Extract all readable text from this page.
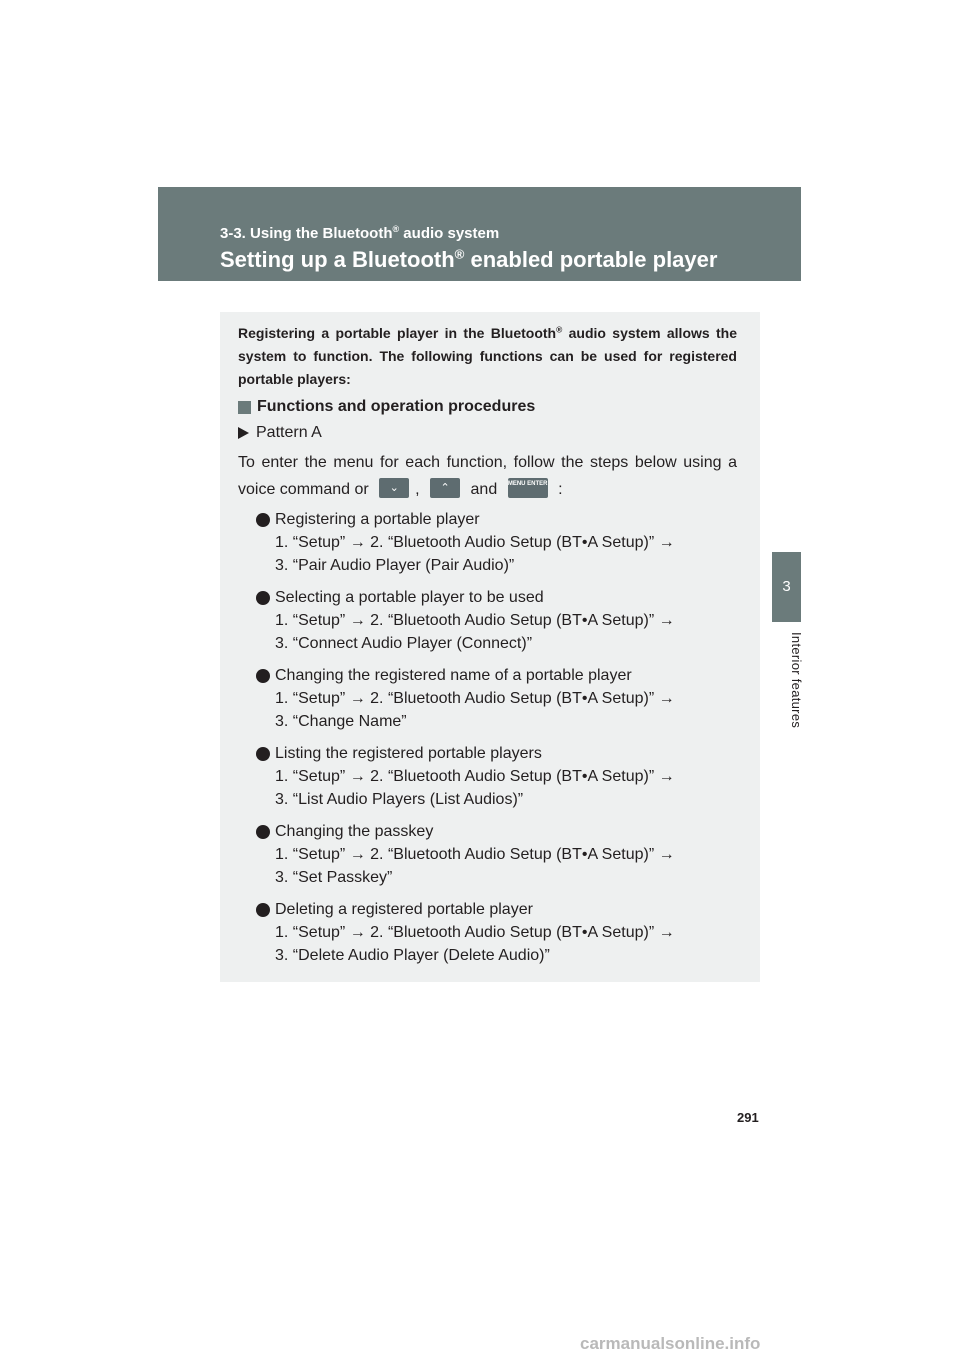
3-3. Using the Bluetooth® audio system
Setting up a Bluetooth® enabled portable player
3
Interior features

Registering a portable player in the Bluetooth® audio system allows the system to function. The following functions can be used for registered portable players:

Functions and operation procedures
Pattern A

To enter the menu for each function, follow the steps below using a voice command or ⌄ , ⌃ and MENU ENTER :

Registering a portable player
1. “Setup” → 2. “Bluetooth Audio Setup (BT•A Setup)” →
3. “Pair Audio Player (Pair Audio)”
Selecting a portable player to be used
1. “Setup” → 2. “Bluetooth Audio Setup (BT•A Setup)” →
3. “Connect Audio Player (Connect)”
Changing the registered name of a portable player
1. “Setup” → 2. “Bluetooth Audio Setup (BT•A Setup)” →
3. “Change Name”
Listing the registered portable players
1. “Setup” → 2. “Bluetooth Audio Setup (BT•A Setup)” →
3. “List Audio Players (List Audios)”
Changing the passkey
1. “Setup” → 2. “Bluetooth Audio Setup (BT•A Setup)” →
3. “Set Passkey”
Deleting a registered portable player
1. “Setup” → 2. “Bluetooth Audio Setup (BT•A Setup)” →
3. “Delete Audio Player (Delete Audio)”
291
carmanualsonline.info
